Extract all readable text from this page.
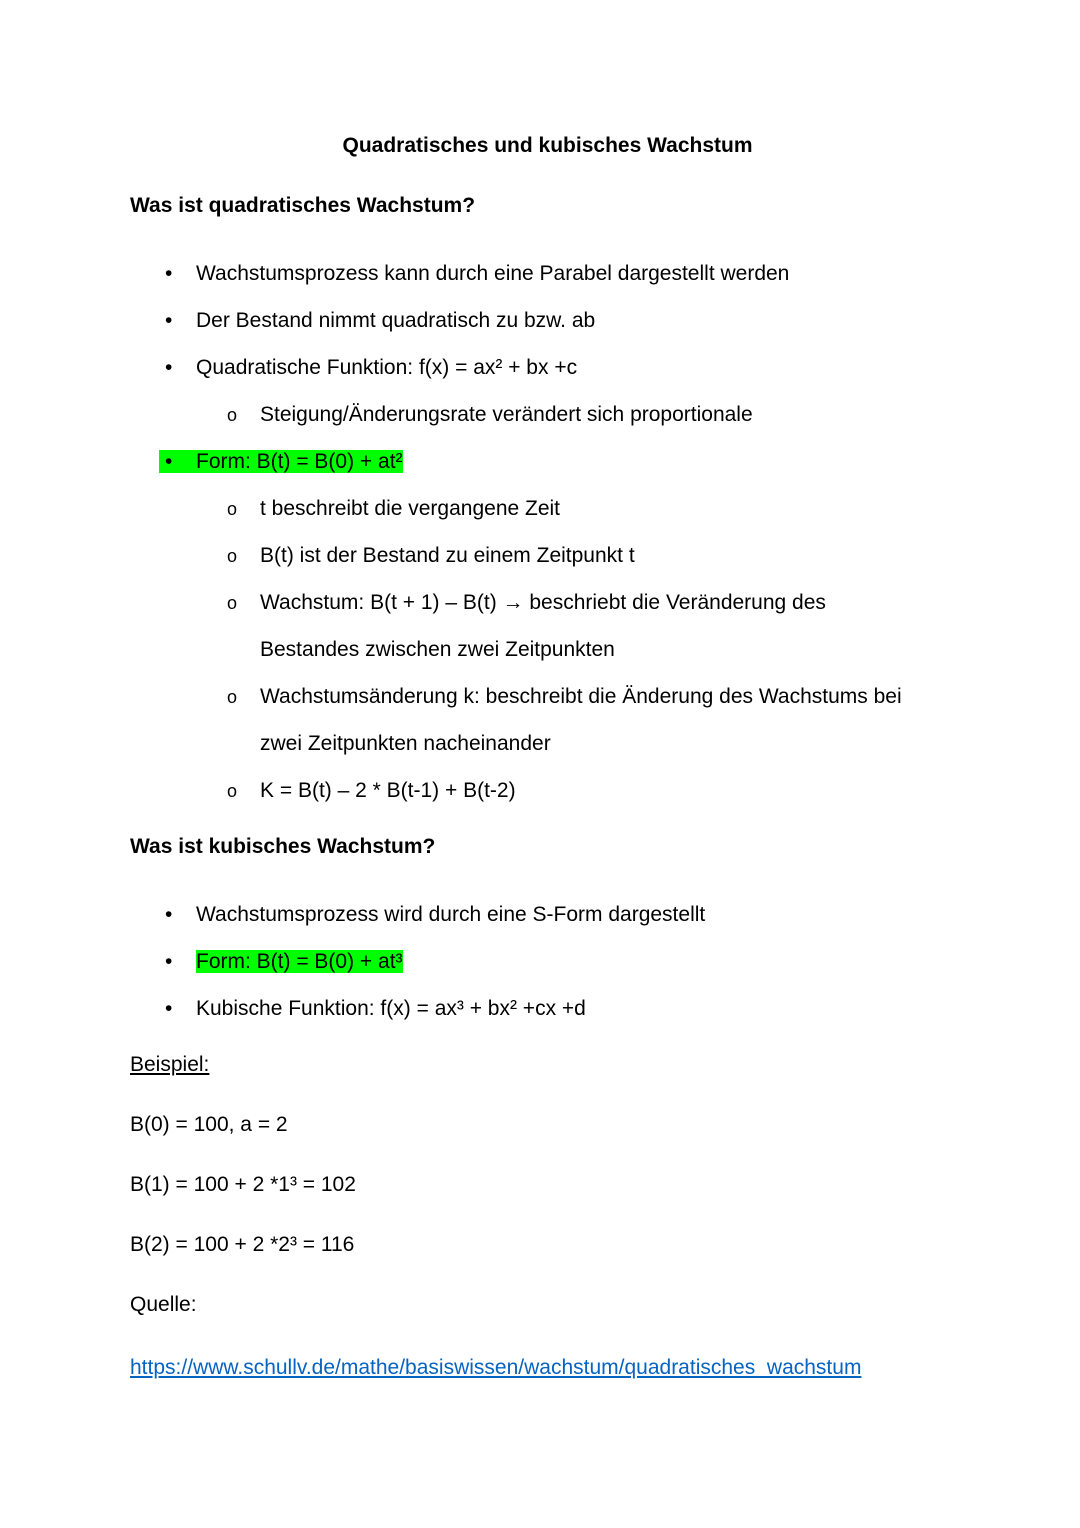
Quadratisches und kubisches Wachstum
Was ist quadratisches Wachstum?
•
Wachstumsprozess kann durch eine Parabel dargestellt werden
•
Der Bestand nimmt quadratisch zu bzw. ab
•
Quadratische Funktion: f(x) = ax² + bx +c
o
Steigung/Änderungsrate verändert sich proportionale
•
Form: B(t) = B(0) + at²
o
t beschreibt die vergangene Zeit
o
B(t) ist der Bestand zu einem Zeitpunkt t
o
Wachstum: B(t + 1) – B(t) → beschriebt die Veränderung des Bestandes zwischen zwei Zeitpunkten
o
Wachstumsänderung k: beschreibt die Änderung des Wachstums bei zwei Zeitpunkten nacheinander
o
K = B(t) – 2 * B(t-1) + B(t-2)
Was ist kubisches Wachstum?
•
Wachstumsprozess wird durch eine S-Form dargestellt
•
Form: B(t) = B(0) + at³
•
Kubische Funktion: f(x) = ax³ + bx² +cx +d
Beispiel:
B(0) = 100, a = 2
B(1) = 100 + 2 *1³ = 102
B(2) = 100 + 2 *2³ = 116
Quelle:
https://www.schullv.de/mathe/basiswissen/wachstum/quadratisches_wachstum
